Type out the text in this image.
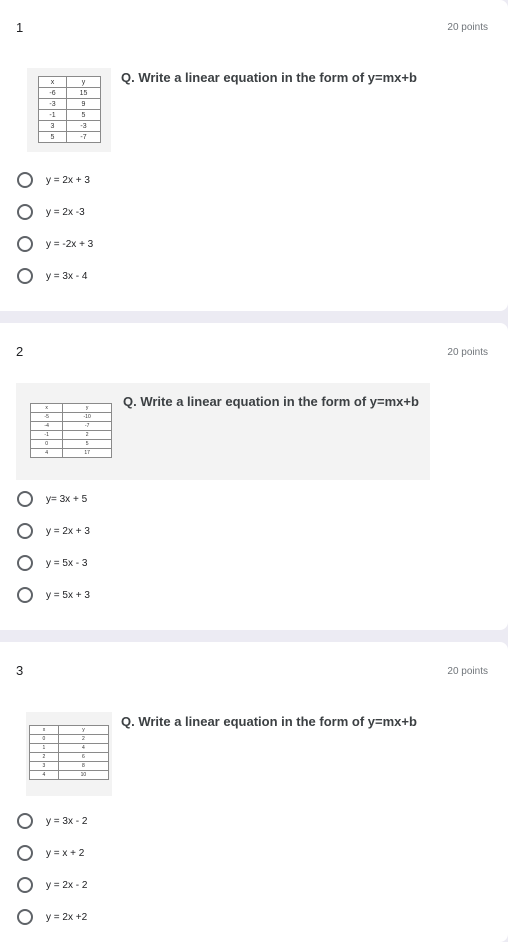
1	20 points
x	y
-6	15
-3	9
-1	5
3	-3
5	-7
Q. Write a linear equation in the form of y=mx+b
y = 2x + 3
y = 2x -3
y = -2x + 3
y = 3x - 4
2	20 points
x	y
-5	-10
-4	-7
-1	2
0	5
4	17
Q. Write a linear equation in the form of y=mx+b
y= 3x + 5
y = 2x + 3
y = 5x - 3
y = 5x + 3
3	20 points
x	y
0	2
1	4
2	6
3	8
4	10
Q. Write a linear equation in the form of y=mx+b
y = 3x - 2
y = x + 2
y = 2x - 2
y = 2x +2
